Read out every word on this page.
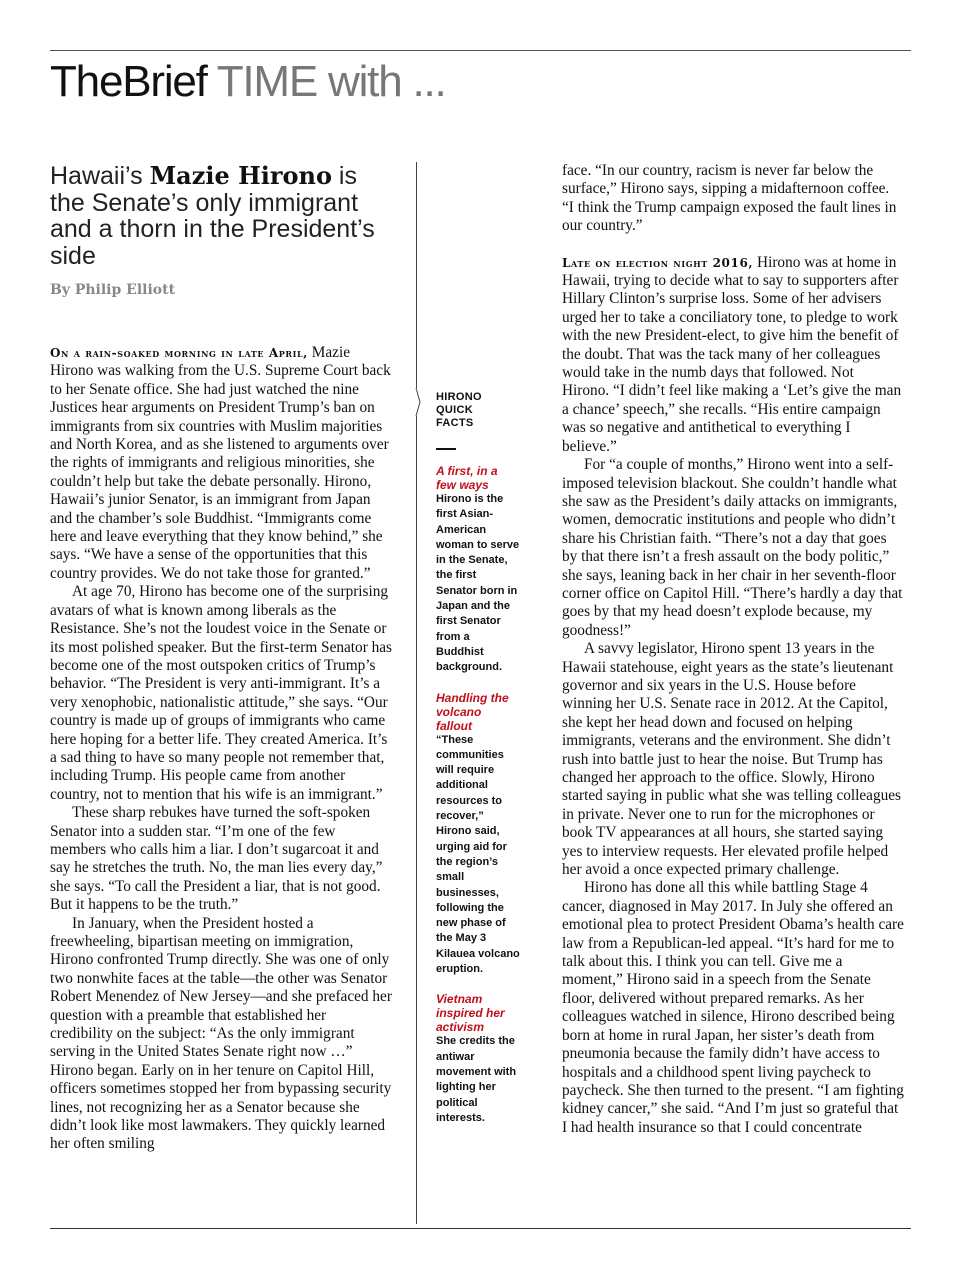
TheBrief TIME with ...
Hawaii’s Mazie Hirono is the Senate’s only immigrant and a thorn in the President’s side
By Philip Elliott

On a rain-soaked morning in late April, Mazie Hirono was walking from the U.S. Supreme Court back to her Senate office. She had just watched the nine Justices hear arguments on President Trump’s ban on immigrants from six countries with Muslim majorities and North Korea, and as she listened to arguments over the rights of immigrants and religious minorities, she couldn’t help but take the debate personally. Hirono, Hawaii’s junior Senator, is an immigrant from Japan and the chamber’s sole Buddhist. “Immigrants come here and leave everything that they know behind,” she says. “We have a sense of the opportunities that this country provides. We do not take those for granted.”

At age 70, Hirono has become one of the surprising avatars of what is known among liberals as the Resistance. She’s not the loudest voice in the Senate or its most polished speaker. But the first-term Senator has become one of the most outspoken critics of Trump’s behavior. “The President is very anti-immigrant. It’s a very xenophobic, nationalistic attitude,” she says. “Our country is made up of groups of immigrants who came here hoping for a better life. They created America. It’s a sad thing to have so many people not remember that, including Trump. His people came from another country, not to mention that his wife is an immigrant.”

These sharp rebukes have turned the soft-spoken Senator into a sudden star. “I’m one of the few members who calls him a liar. I don’t sugarcoat it and say he stretches the truth. No, the man lies every day,” she says. “To call the President a liar, that is not good. But it happens to be the truth.”

In January, when the President hosted a freewheeling, bipartisan meeting on immigration, Hirono confronted Trump directly. She was one of only two nonwhite faces at the table—the other was Senator Robert Menendez of New Jersey—and she prefaced her question with a preamble that established her credibility on the subject: “As the only immigrant serving in the United States Senate right now …” Hirono began. Early on in her tenure on Capitol Hill, officers sometimes stopped her from bypassing security lines, not recognizing her as a Senator because she didn’t look like most lawmakers. They quickly learned her often smiling

HIRONO
QUICK
FACTS
A first, in a few ways
Hirono is the first Asian-American woman to serve in the Senate, the first Senator born in Japan and the first Senator from a Buddhist background.
Handling the volcano fallout
“These communities will require additional resources to recover,” Hirono said, urging aid for the region’s small businesses, following the new phase of the May 3 Kilauea volcano eruption.
Vietnam inspired her activism
She credits the antiwar movement with lighting her political interests.

face. “In our country, racism is never far below the surface,” Hirono says, sipping a midafternoon coffee. “I think the Trump campaign exposed the fault lines in our country.”

Late on election night 2016, Hirono was at home in Hawaii, trying to decide what to say to supporters after Hillary Clinton’s surprise loss. Some of her advisers urged her to take a conciliatory tone, to pledge to work with the new President-elect, to give him the benefit of the doubt. That was the tack many of her colleagues would take in the numb days that followed. Not Hirono. “I didn’t feel like making a ‘Let’s give the man a chance’ speech,” she recalls. “His entire campaign was so negative and antithetical to everything I believe.”

For “a couple of months,” Hirono went into a self-imposed television blackout. She couldn’t handle what she saw as the President’s daily attacks on immigrants, women, democratic institutions and people who didn’t share his Christian faith. “There’s not a day that goes by that there isn’t a fresh assault on the body politic,” she says, leaning back in her chair in her seventh-floor corner office on Capitol Hill. “There’s hardly a day that goes by that my head doesn’t explode because, my goodness!”

A savvy legislator, Hirono spent 13 years in the Hawaii statehouse, eight years as the state’s lieutenant governor and six years in the U.S. House before winning her U.S. Senate race in 2012. At the Capitol, she kept her head down and focused on helping immigrants, veterans and the environment. She didn’t rush into battle just to hear the noise. But Trump has changed her approach to the office. Slowly, Hirono started saying in public what she was telling colleagues in private. Never one to run for the microphones or book TV appearances at all hours, she started saying yes to interview requests. Her elevated profile helped her avoid a once expected primary challenge.

Hirono has done all this while battling Stage 4 cancer, diagnosed in May 2017. In July she offered an emotional plea to protect President Obama’s health care law from a Republican-led appeal. “It’s hard for me to talk about this. I think you can tell. Give me a moment,” Hirono said in a speech from the Senate floor, delivered without prepared remarks. As her colleagues watched in silence, Hirono described being born at home in rural Japan, her sister’s death from pneumonia because the family didn’t have access to hospitals and a childhood spent living paycheck to paycheck. She then turned to the present. “I am fighting kidney cancer,” she said. “And I’m just so grateful that I had health insurance so that I could concentrate
